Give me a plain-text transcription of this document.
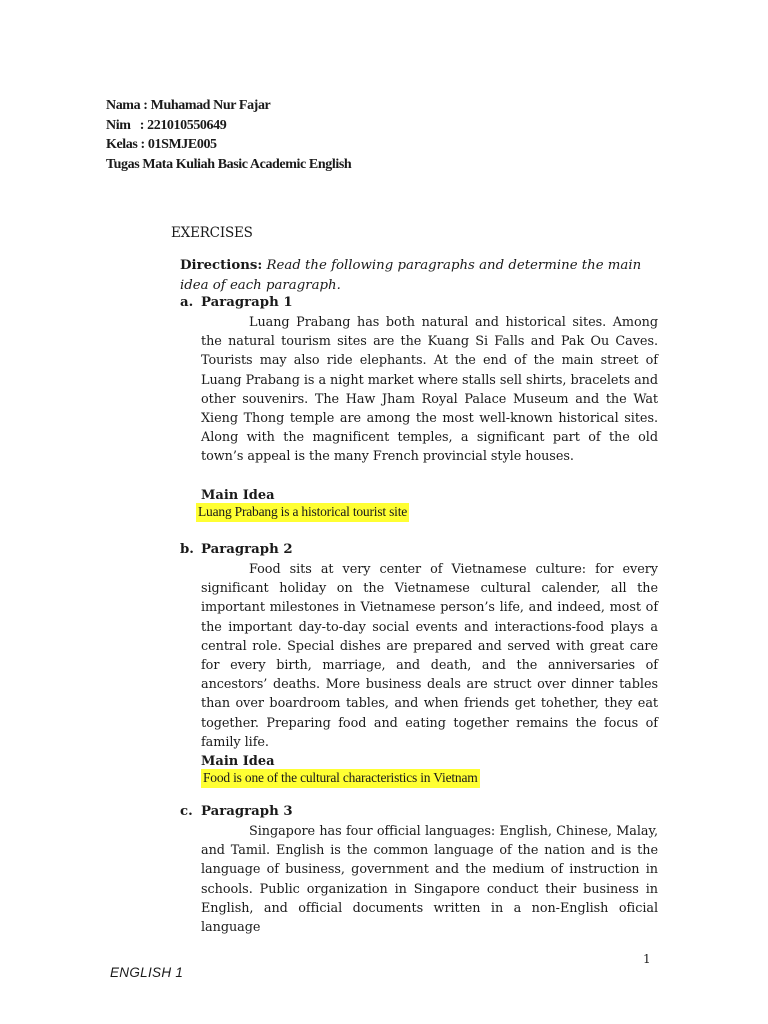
Nama : Muhamad Nur Fajar
Nim   : 221010550649
Kelas : 01SMJE005
Tugas Mata Kuliah Basic Academic English
EXERCISES
Directions: Read the following paragraphs and determine the main idea of each paragraph.
a. Paragraph 1
Luang Prabang has both natural and historical sites. Among the natural tourism sites are the Kuang Si Falls and Pak Ou Caves. Tourists may also ride elephants. At the end of the main street of Luang Prabang is a night market where stalls sell shirts, bracelets and other souvenirs. The Haw Jham Royal Palace Museum and the Wat Xieng Thong temple are among the most well-known historical sites. Along with the magnificent temples, a significant part of the old town’s appeal is the many French provincial style houses.
Main Idea
Luang Prabang is a historical tourist site
b. Paragraph 2
Food sits at very center of Vietnamese culture: for every significant holiday on the Vietnamese cultural calender, all the important milestones in Vietnamese person’s life, and indeed, most of the important day-to-day social events and interactions-food plays a central role. Special dishes are prepared and served with great care for every birth, marriage, and death, and the anniversaries of ancestors’ deaths. More business deals are struct over dinner tables than over boardroom tables, and when friends get tohether, they eat together. Preparing food and eating together remains the focus of family life.
Main Idea
Food is one of the cultural characteristics in Vietnam
c. Paragraph 3
Singapore has four official languages: English, Chinese, Malay, and Tamil. English is the common language of the nation and is the language of business, government and the medium of instruction in schools. Public organization in Singapore conduct their business in English, and official documents written in a non-English oficial language
1
ENGLISH 1
